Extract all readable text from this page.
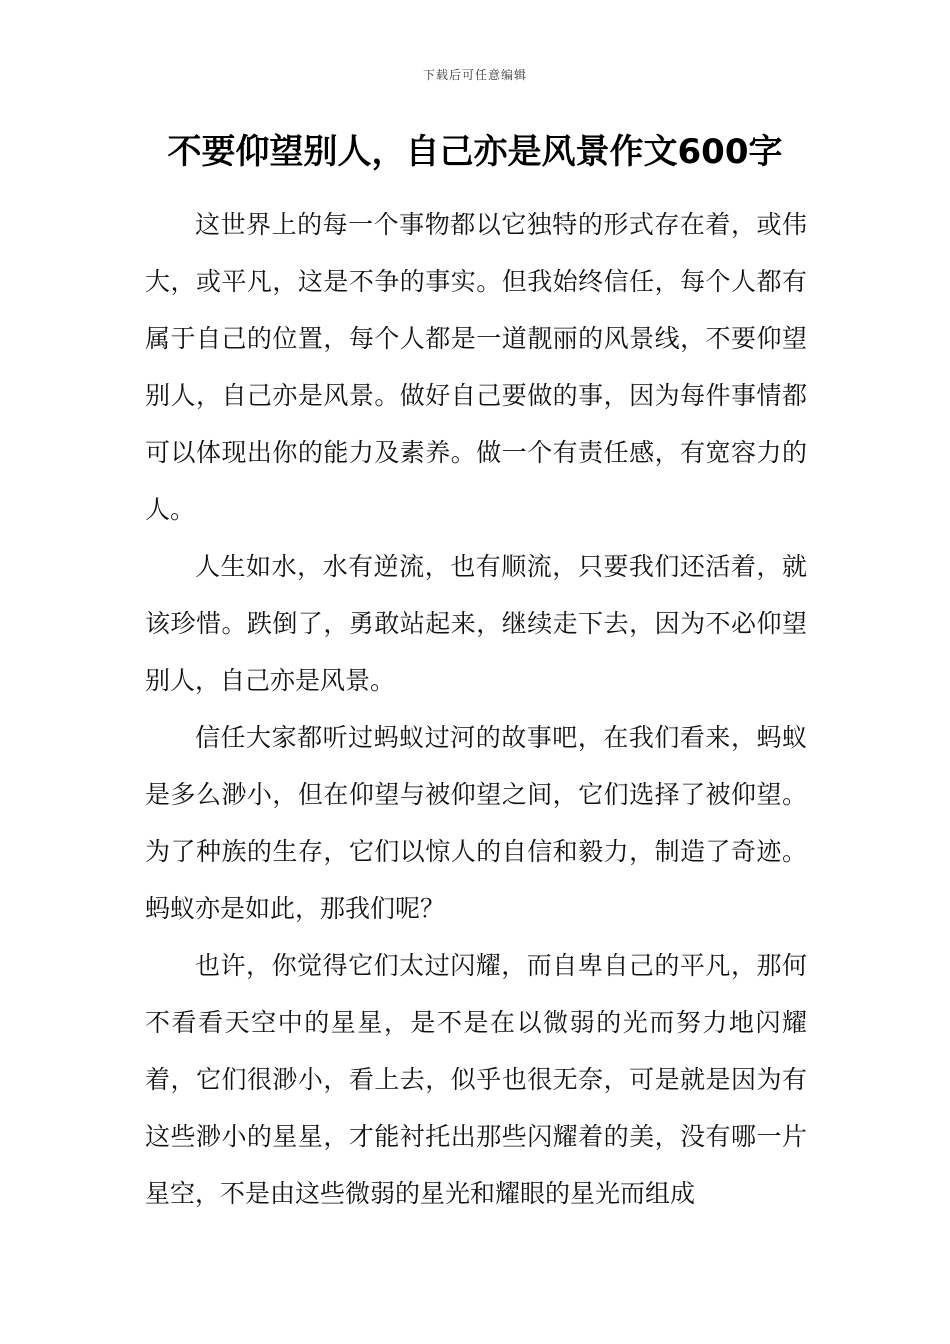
下载后可任意编辑
不要仰望别人，自己亦是风景作文600字

这世界上的每一个事物都以它独特的形式存在着，或伟大，或平凡，这是不争的事实。但我始终信任，每个人都有属于自己的位置，每个人都是一道靓丽的风景线，不要仰望别人，自己亦是风景。做好自己要做的事，因为每件事情都可以体现出你的能力及素养。做一个有责任感，有宽容力的人。

人生如水，水有逆流，也有顺流，只要我们还活着，就该珍惜。跌倒了，勇敢站起来，继续走下去，因为不必仰望别人，自己亦是风景。

信任大家都听过蚂蚁过河的故事吧，在我们看来，蚂蚁是多么渺小，但在仰望与被仰望之间，它们选择了被仰望。为了种族的生存，它们以惊人的自信和毅力，制造了奇迹。蚂蚁亦是如此，那我们呢？

也许，你觉得它们太过闪耀，而自卑自己的平凡，那何不看看天空中的星星，是不是在以微弱的光而努力地闪耀着，它们很渺小，看上去，似乎也很无奈，可是就是因为有这些渺小的星星，才能衬托出那些闪耀着的美，没有哪一片星空，不是由这些微弱的星光和耀眼的星光而组成
